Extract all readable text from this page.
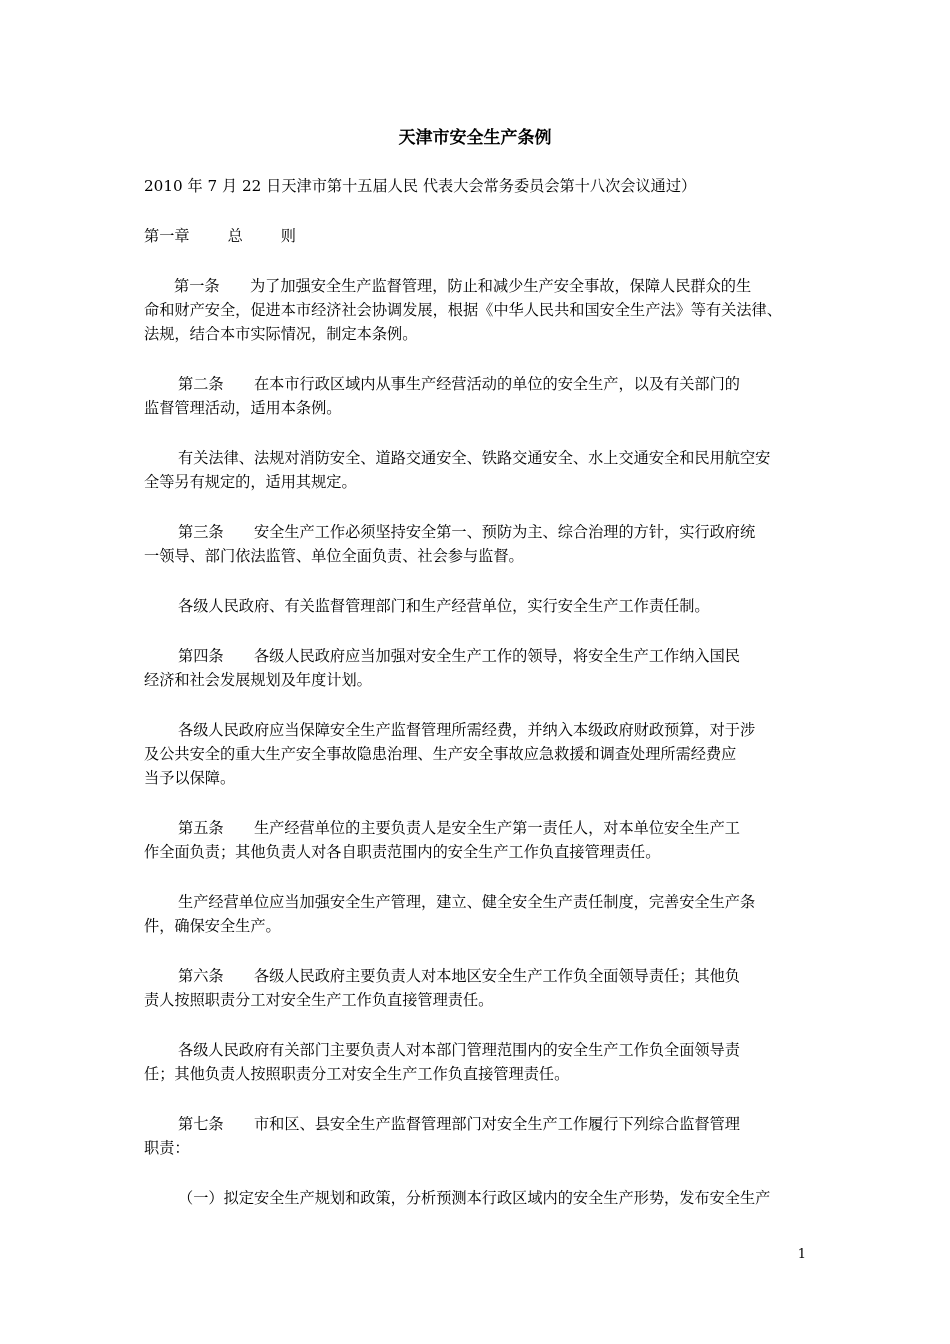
天津市安全生产条例
2010 年 7 月 22 日天津市第十五届人民 代表大会常务委员会第十八次会议通过）
第一章	总	则
第一条　　为了加强安全生产监督管理，防止和减少生产安全事故，保障人民群众的生
命和财产安全，促进本市经济社会协调发展，根据《中华人民共和国安全生产法》等有关法律、
法规，结合本市实际情况，制定本条例。
第二条　　在本市行政区域内从事生产经营活动的单位的安全生产，以及有关部门的
监督管理活动，适用本条例。
有关法律、法规对消防安全、道路交通安全、铁路交通安全、水上交通安全和民用航空安
全等另有规定的，适用其规定。
第三条　　安全生产工作必须坚持安全第一、预防为主、综合治理的方针，实行政府统
一领导、部门依法监管、单位全面负责、社会参与监督。
各级人民政府、有关监督管理部门和生产经营单位，实行安全生产工作责任制。
第四条　　各级人民政府应当加强对安全生产工作的领导，将安全生产工作纳入国民
经济和社会发展规划及年度计划。
各级人民政府应当保障安全生产监督管理所需经费，并纳入本级政府财政预算，对于涉
及公共安全的重大生产安全事故隐患治理、生产安全事故应急救援和调查处理所需经费应
当予以保障。
第五条　　生产经营单位的主要负责人是安全生产第一责任人，对本单位安全生产工
作全面负责；其他负责人对各自职责范围内的安全生产工作负直接管理责任。
生产经营单位应当加强安全生产管理，建立、健全安全生产责任制度，完善安全生产条
件，确保安全生产。
第六条　　各级人民政府主要负责人对本地区安全生产工作负全面领导责任；其他负
责人按照职责分工对安全生产工作负直接管理责任。
各级人民政府有关部门主要负责人对本部门管理范围内的安全生产工作负全面领导责
任；其他负责人按照职责分工对安全生产工作负直接管理责任。
第七条　　市和区、县安全生产监督管理部门对安全生产工作履行下列综合监督管理
职责：
（一）拟定安全生产规划和政策，分析预测本行政区域内的安全生产形势，发布安全生产
1
